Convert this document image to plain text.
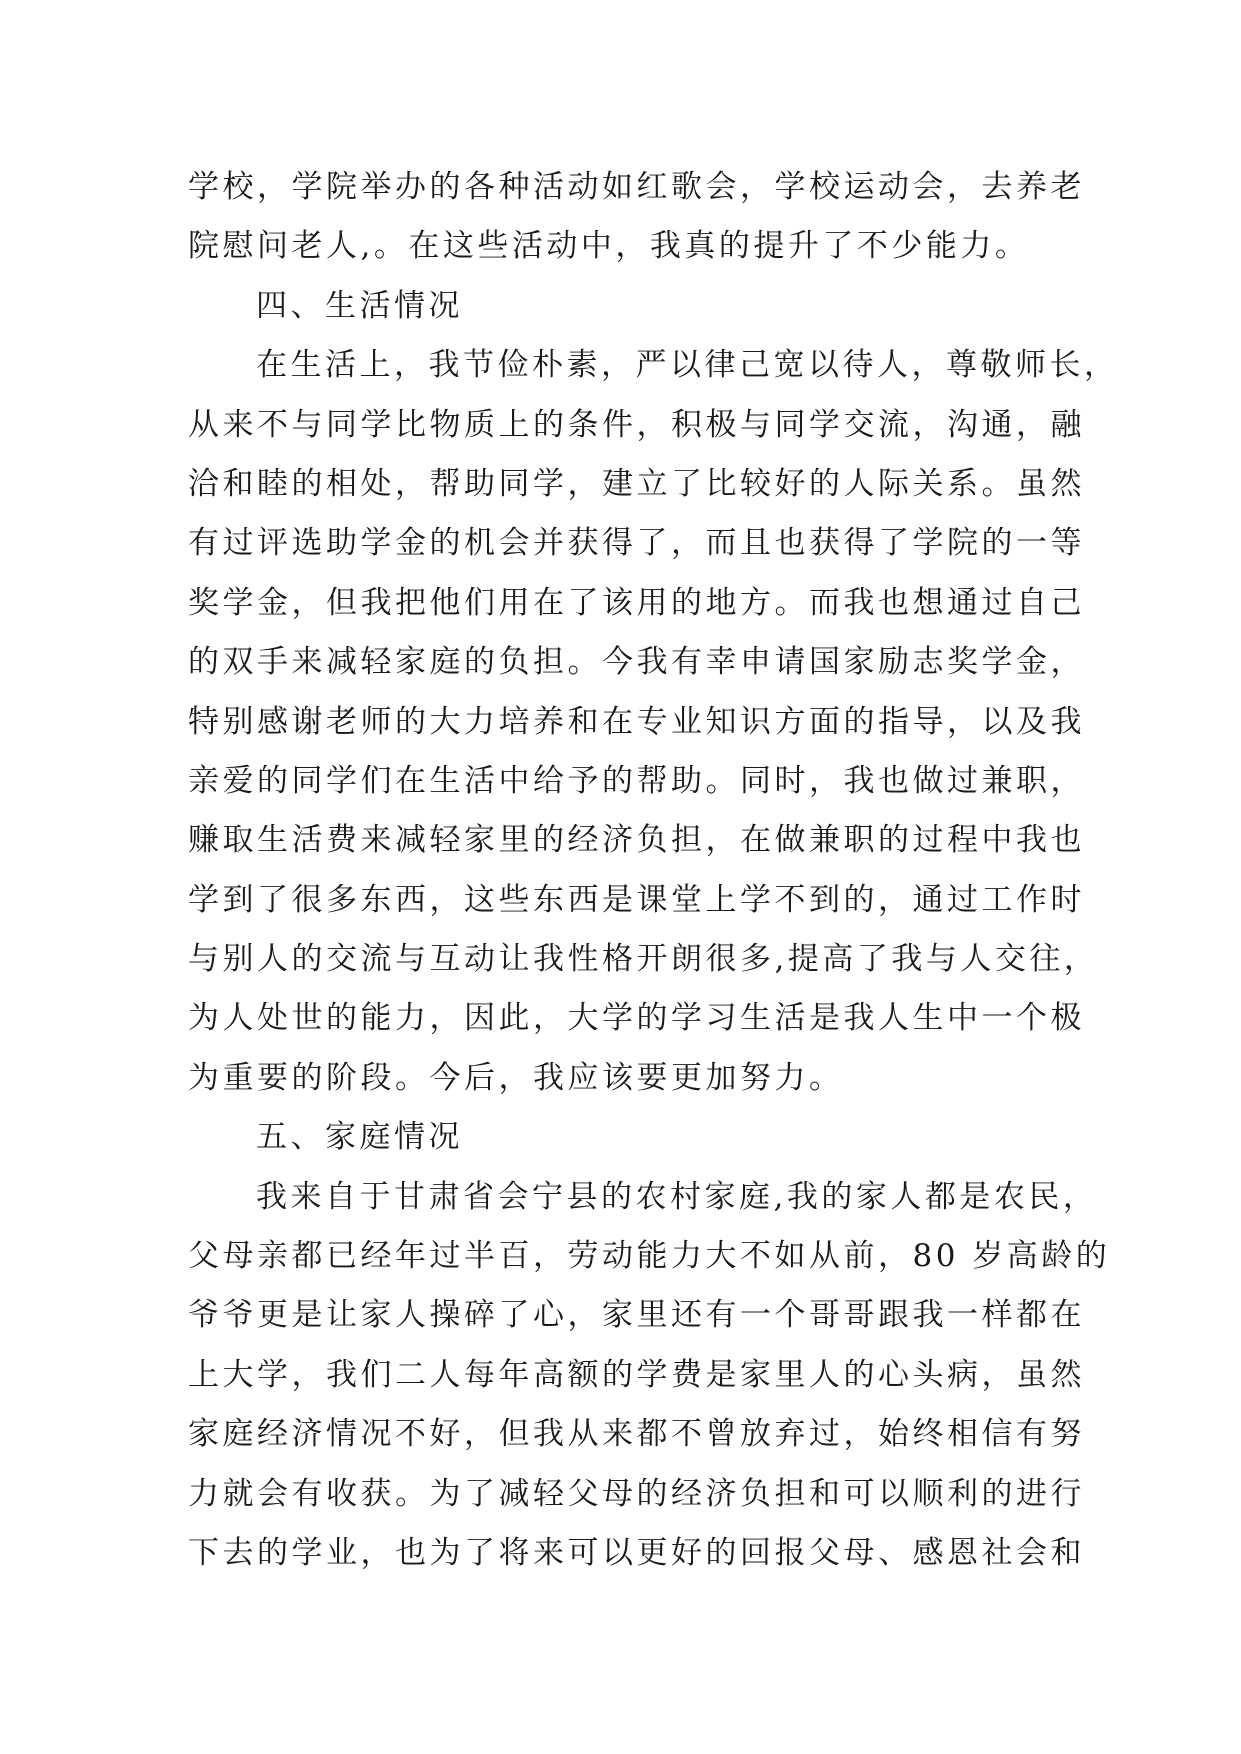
学校，学院举办的各种活动如红歌会，学校运动会，去养老
院慰问老人,。在这些活动中，我真的提升了不少能力。
四、生活情况
在生活上，我节俭朴素，严以律己宽以待人，尊敬师长，
从来不与同学比物质上的条件，积极与同学交流，沟通，融
洽和睦的相处，帮助同学，建立了比较好的人际关系。虽然
有过评选助学金的机会并获得了，而且也获得了学院的一等
奖学金，但我把他们用在了该用的地方。而我也想通过自己
的双手来减轻家庭的负担。今我有幸申请国家励志奖学金，
特别感谢老师的大力培养和在专业知识方面的指导，以及我
亲爱的同学们在生活中给予的帮助。同时，我也做过兼职，
赚取生活费来减轻家里的经济负担，在做兼职的过程中我也
学到了很多东西，这些东西是课堂上学不到的，通过工作时
与别人的交流与互动让我性格开朗很多,提高了我与人交往，
为人处世的能力，因此，大学的学习生活是我人生中一个极
为重要的阶段。今后，我应该要更加努力。
五、家庭情况
我来自于甘肃省会宁县的农村家庭,我的家人都是农民，
父母亲都已经年过半百，劳动能力大不如从前，80 岁高龄的
爷爷更是让家人操碎了心，家里还有一个哥哥跟我一样都在
上大学，我们二人每年高额的学费是家里人的心头病，虽然
家庭经济情况不好，但我从来都不曾放弃过，始终相信有努
力就会有收获。为了减轻父母的经济负担和可以顺利的进行
下去的学业，也为了将来可以更好的回报父母、感恩社会和
